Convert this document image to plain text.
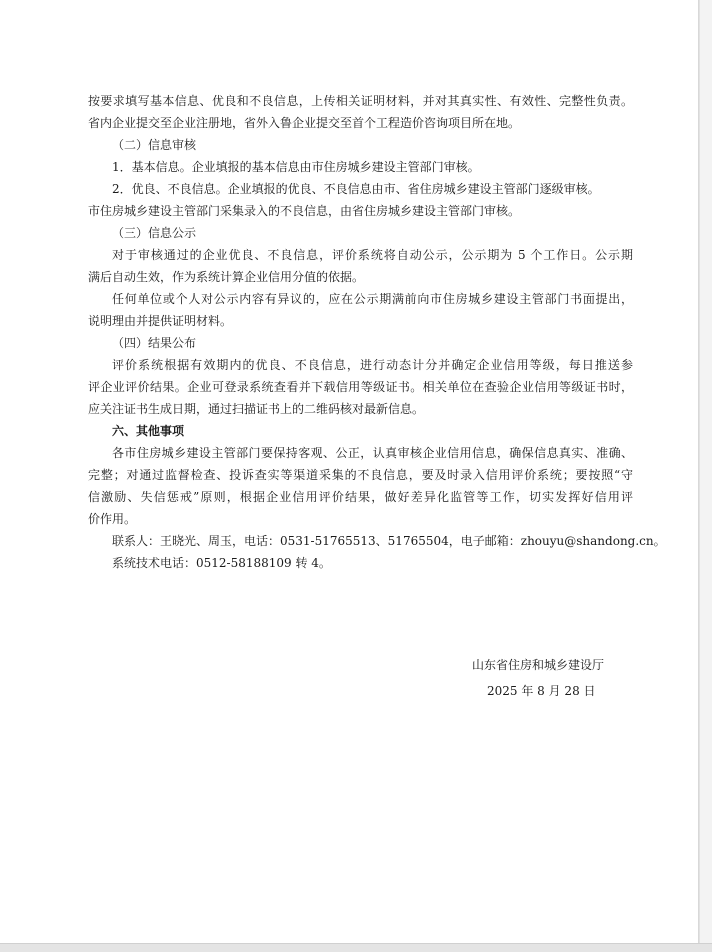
按要求填写基本信息、优良和不良信息，上传相关证明材料，并对其真实性、有效性、完整性负责。
省内企业提交至企业注册地，省外入鲁企业提交至首个工程造价咨询项目所在地。
（二）信息审核
1．基本信息。企业填报的基本信息由市住房城乡建设主管部门审核。
2．优良、不良信息。企业填报的优良、不良信息由市、省住房城乡建设主管部门逐级审核。
市住房城乡建设主管部门采集录入的不良信息，由省住房城乡建设主管部门审核。
（三）信息公示
对于审核通过的企业优良、不良信息，评价系统将自动公示，公示期为 5 个工作日。公示期
满后自动生效，作为系统计算企业信用分值的依据。
任何单位或个人对公示内容有异议的，应在公示期满前向市住房城乡建设主管部门书面提出，
说明理由并提供证明材料。
（四）结果公布
评价系统根据有效期内的优良、不良信息，进行动态计分并确定企业信用等级，每日推送参
评企业评价结果。企业可登录系统查看并下载信用等级证书。相关单位在查验企业信用等级证书时，
应关注证书生成日期，通过扫描证书上的二维码核对最新信息。
六、其他事项
各市住房城乡建设主管部门要保持客观、公正，认真审核企业信用信息，确保信息真实、准确、
完整；对通过监督检查、投诉查实等渠道采集的不良信息，要及时录入信用评价系统；要按照“守
信激励、失信惩戒”原则，根据企业信用评价结果，做好差异化监管等工作，切实发挥好信用评
价作用。
联系人：王晓光、周玉，电话：0531-51765513、51765504，电子邮箱：zhouyu@shandong.cn。
系统技术电话：0512-58188109 转 4。
山东省住房和城乡建设厅
2025 年 8 月 28 日
